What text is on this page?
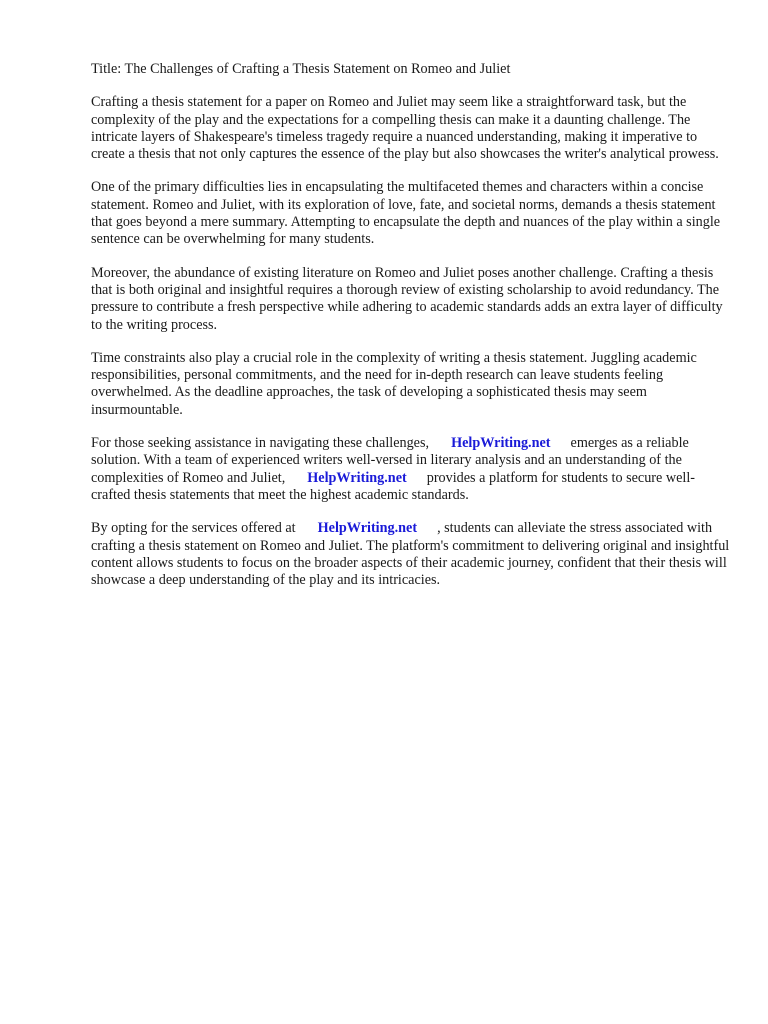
Title: The Challenges of Crafting a Thesis Statement on Romeo and Juliet

Crafting a thesis statement for a paper on Romeo and Juliet may seem like a straightforward task, but the complexity of the play and the expectations for a compelling thesis can make it a daunting challenge. The intricate layers of Shakespeare's timeless tragedy require a nuanced understanding, making it imperative to create a thesis that not only captures the essence of the play but also showcases the writer's analytical prowess.

One of the primary difficulties lies in encapsulating the multifaceted themes and characters within a concise statement. Romeo and Juliet, with its exploration of love, fate, and societal norms, demands a thesis statement that goes beyond a mere summary. Attempting to encapsulate the depth and nuances of the play within a single sentence can be overwhelming for many students.

Moreover, the abundance of existing literature on Romeo and Juliet poses another challenge. Crafting a thesis that is both original and insightful requires a thorough review of existing scholarship to avoid redundancy. The pressure to contribute a fresh perspective while adhering to academic standards adds an extra layer of difficulty to the writing process.

Time constraints also play a crucial role in the complexity of writing a thesis statement. Juggling academic responsibilities, personal commitments, and the need for in-depth research can leave students feeling overwhelmed. As the deadline approaches, the task of developing a sophisticated thesis may seem insurmountable.

For those seeking assistance in navigating these challenges, HelpWriting.net emerges as a reliable solution. With a team of experienced writers well-versed in literary analysis and an understanding of the complexities of Romeo and Juliet, HelpWriting.net provides a platform for students to secure well-crafted thesis statements that meet the highest academic standards.

By opting for the services offered at HelpWriting.net , students can alleviate the stress associated with crafting a thesis statement on Romeo and Juliet. The platform's commitment to delivering original and insightful content allows students to focus on the broader aspects of their academic journey, confident that their thesis will showcase a deep understanding of the play and its intricacies.
